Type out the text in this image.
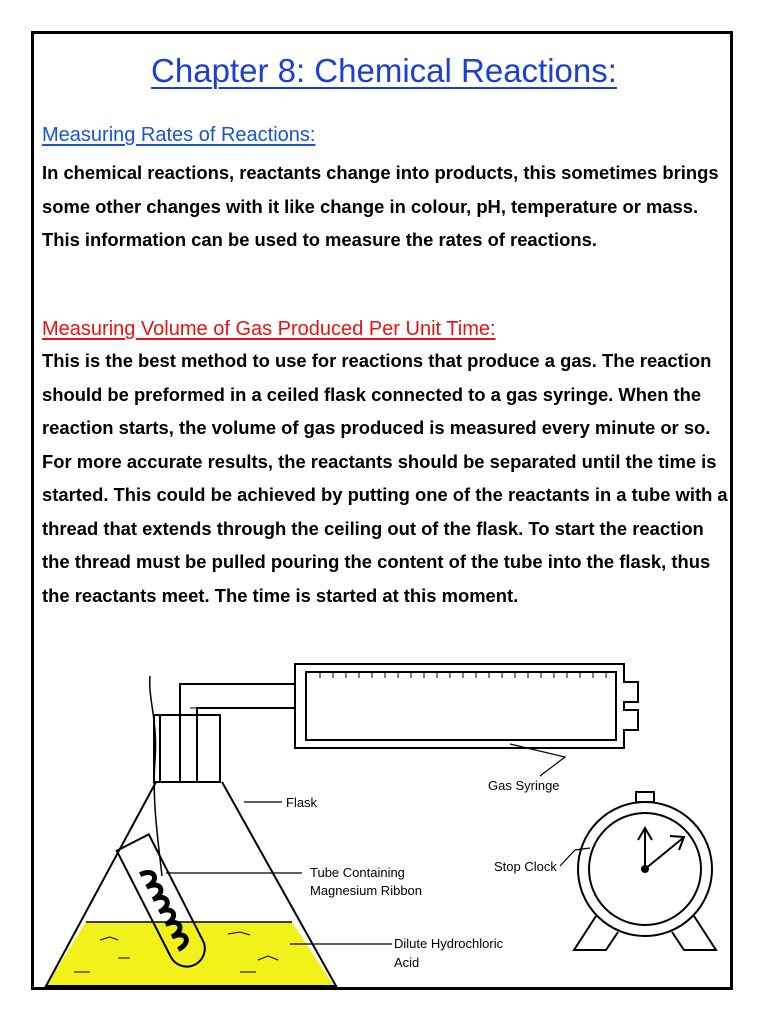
Chapter 8: Chemical Reactions:
Measuring Rates of Reactions:

In chemical reactions, reactants change into products, this sometimes brings some other changes with it like change in colour, pH, temperature or mass. This information can be used to measure the rates of reactions.

Measuring Volume of Gas Produced Per Unit Time:

This is the best method to use for reactions that produce a gas. The reaction should be preformed in a ceiled flask connected to a gas syringe. When the reaction starts, the volume of gas produced is measured every minute or so. For more accurate results, the reactants should be separated until the time is started. This could be achieved by putting one of the reactants in a tube with a thread that extends through the ceiling out of the flask. To start the reaction the thread must be pulled pouring the content of the tube into the flask, thus the reactants meet. The time is started at this moment.

Gas Syringe
Flask
Tube Containing
Magnesium Ribbon
Stop Clock
Dilute Hydrochloric
Acid
